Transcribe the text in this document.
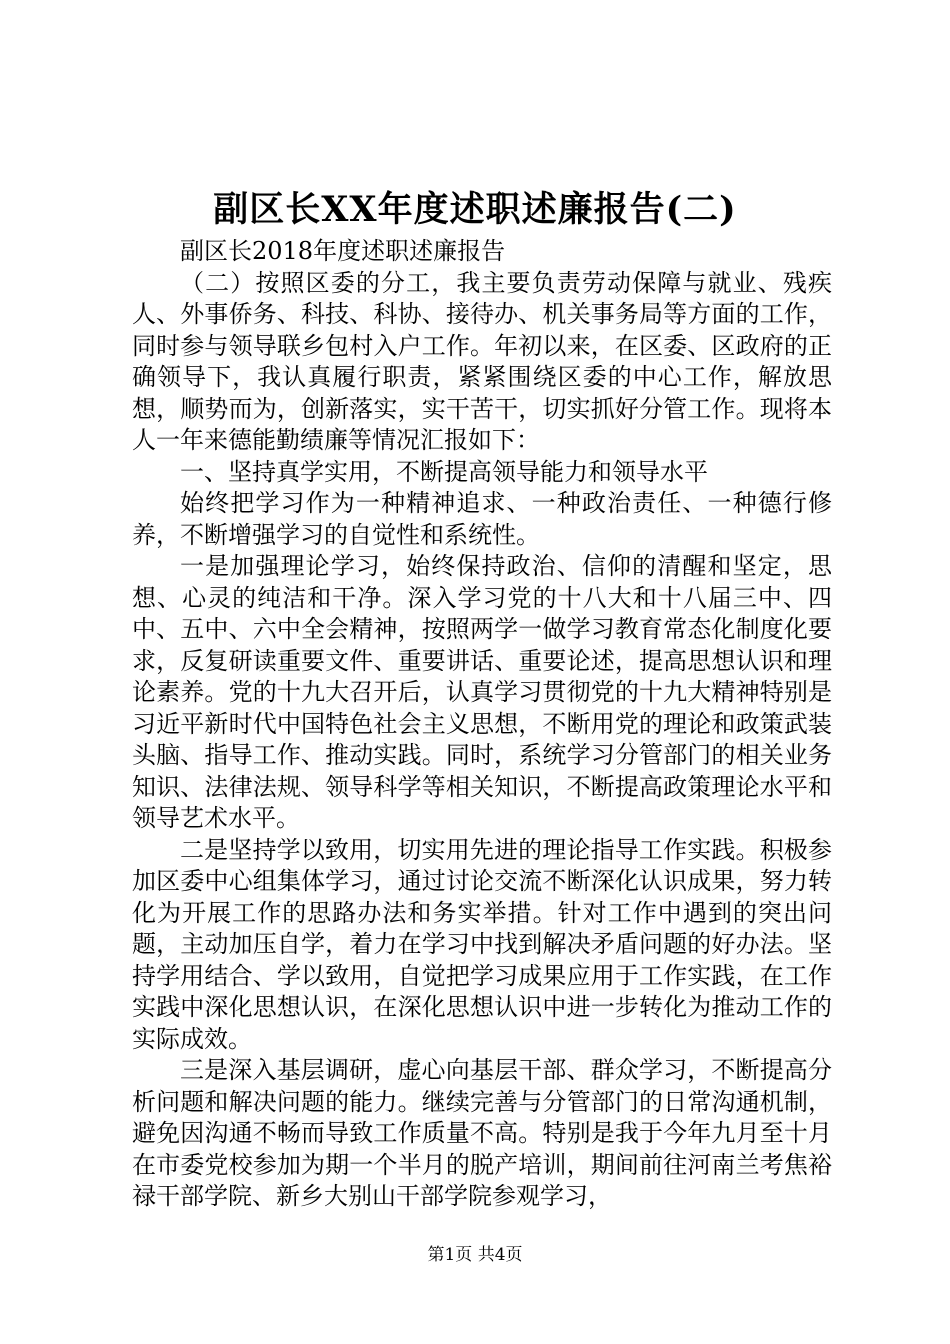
副区长XX年度述职述廉报告(二)

副区长2018年度述职述廉报告

（二）按照区委的分工，我主要负责劳动保障与就业、残疾人、外事侨务、科技、科协、接待办、机关事务局等方面的工作，同时参与领导联乡包村入户工作。年初以来，在区委、区政府的正确领导下，我认真履行职责，紧紧围绕区委的中心工作，解放思想，顺势而为，创新落实，实干苦干，切实抓好分管工作。现将本人一年来德能勤绩廉等情况汇报如下：

一、坚持真学实用，不断提高领导能力和领导水平

始终把学习作为一种精神追求、一种政治责任、一种德行修养，不断增强学习的自觉性和系统性。

一是加强理论学习，始终保持政治、信仰的清醒和坚定，思想、心灵的纯洁和干净。深入学习党的十八大和十八届三中、四中、五中、六中全会精神，按照两学一做学习教育常态化制度化要求，反复研读重要文件、重要讲话、重要论述，提高思想认识和理论素养。党的十九大召开后，认真学习贯彻党的十九大精神特别是习近平新时代中国特色社会主义思想，不断用党的理论和政策武装头脑、指导工作、推动实践。同时，系统学习分管部门的相关业务知识、法律法规、领导科学等相关知识，不断提高政策理论水平和领导艺术水平。

二是坚持学以致用，切实用先进的理论指导工作实践。积极参加区委中心组集体学习，通过讨论交流不断深化认识成果，努力转化为开展工作的思路办法和务实举措。针对工作中遇到的突出问题，主动加压自学，着力在学习中找到解决矛盾问题的好办法。坚持学用结合、学以致用，自觉把学习成果应用于工作实践，在工作实践中深化思想认识，在深化思想认识中进一步转化为推动工作的实际成效。

三是深入基层调研，虚心向基层干部、群众学习，不断提高分析问题和解决问题的能力。继续完善与分管部门的日常沟通机制，避免因沟通不畅而导致工作质量不高。特别是我于今年九月至十月在市委党校参加为期一个半月的脱产培训，期间前往河南兰考焦裕禄干部学院、新乡大别山干部学院参观学习，

第1页 共4页
